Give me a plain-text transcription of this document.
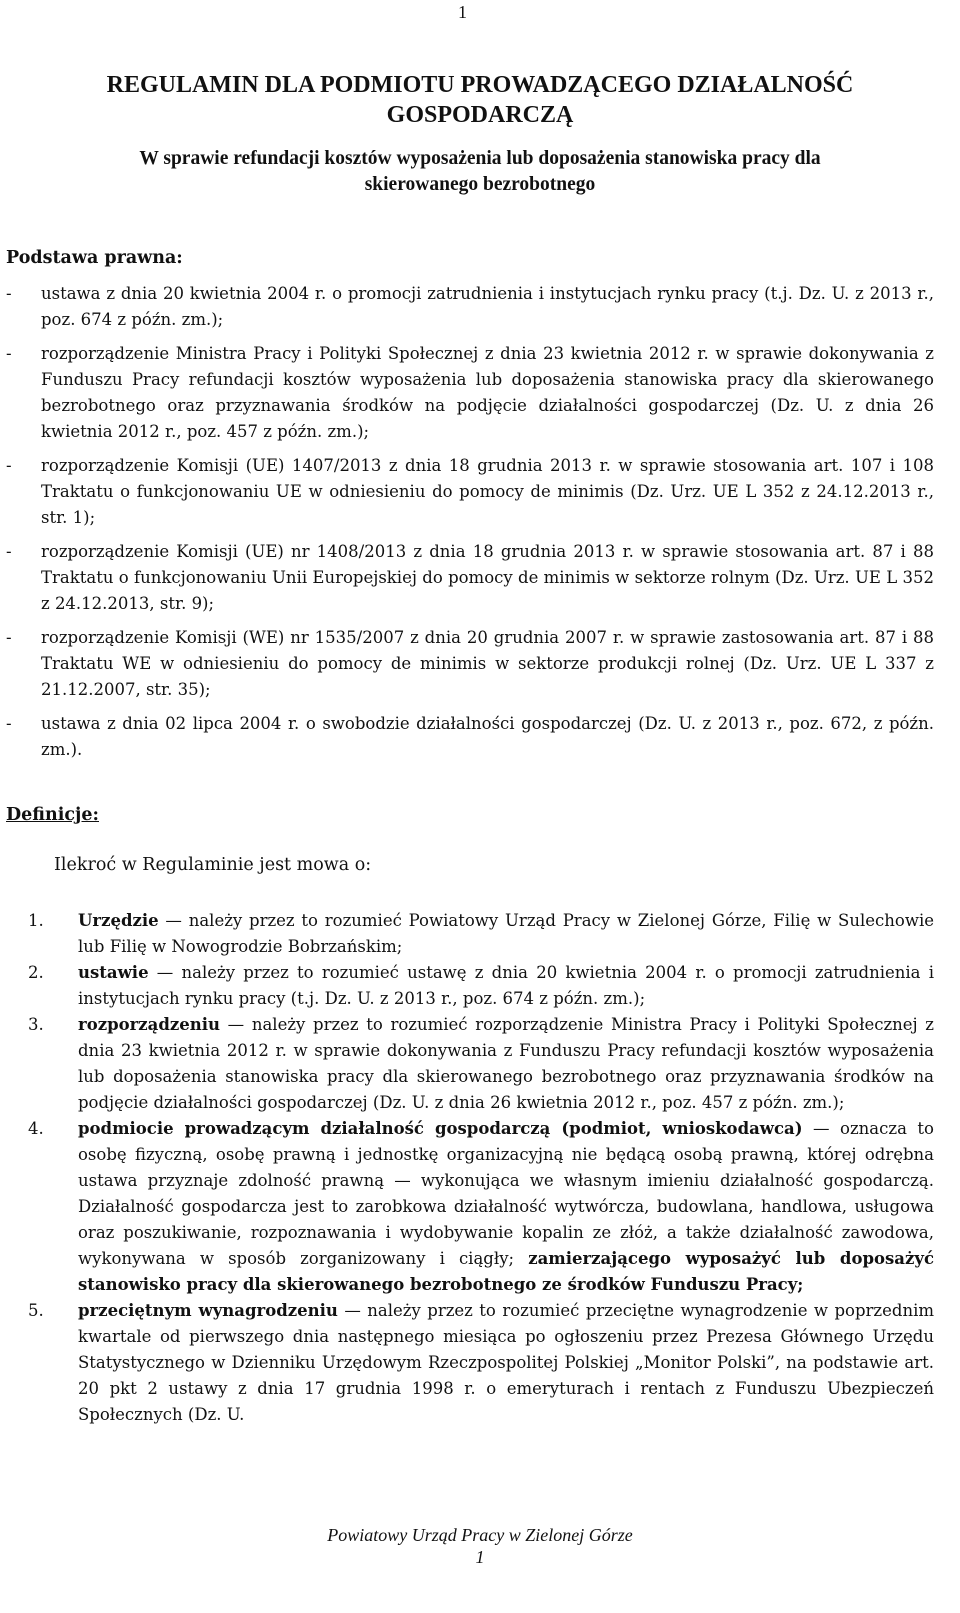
1
REGULAMIN DLA PODMIOTU PROWADZĄCEGO DZIAŁALNOŚĆ
GOSPODARCZĄ
W sprawie refundacji kosztów wyposażenia lub doposażenia stanowiska pracy dla
skierowanego bezrobotnego
Podstawa prawna:
- ustawa z dnia 20 kwietnia 2004 r. o promocji zatrudnienia i instytucjach rynku pracy (t.j. Dz. U. z 2013 r., poz. 674 z późn. zm.);
- rozporządzenie Ministra Pracy i Polityki Społecznej z dnia 23 kwietnia 2012 r. w sprawie dokonywania z Funduszu Pracy refundacji kosztów wyposażenia lub doposażenia stanowiska pracy dla skierowanego bezrobotnego oraz przyznawania środków na podjęcie działalności gospodarczej (Dz. U. z dnia 26 kwietnia 2012 r., poz. 457 z późn. zm.);
- rozporządzenie Komisji (UE) 1407/2013 z dnia 18 grudnia 2013 r. w sprawie stosowania art. 107 i 108 Traktatu o funkcjonowaniu UE w odniesieniu do pomocy de minimis (Dz. Urz. UE L 352 z 24.12.2013 r., str. 1);
- rozporządzenie Komisji (UE) nr 1408/2013 z dnia 18 grudnia 2013 r. w sprawie stosowania art. 87 i 88 Traktatu o funkcjonowaniu Unii Europejskiej do pomocy de minimis w sektorze rolnym (Dz. Urz. UE L 352 z 24.12.2013, str. 9);
- rozporządzenie Komisji (WE) nr 1535/2007 z dnia 20 grudnia 2007 r. w sprawie zastosowania art. 87 i 88 Traktatu WE w odniesieniu do pomocy de minimis w sektorze produkcji rolnej (Dz. Urz. UE L 337 z 21.12.2007, str. 35);
- ustawa z dnia 02 lipca 2004 r. o swobodzie działalności gospodarczej (Dz. U. z 2013 r., poz. 672, z późn. zm.).
Definicje:
Ilekroć w Regulaminie jest mowa o:
1. Urzędzie — należy przez to rozumieć Powiatowy Urząd Pracy w Zielonej Górze, Filię w Sulechowie lub Filię w Nowogrodzie Bobrzańskim;
2. ustawie — należy przez to rozumieć ustawę z dnia 20 kwietnia 2004 r. o promocji zatrudnienia i instytucjach rynku pracy (t.j. Dz. U. z 2013 r., poz. 674 z późn. zm.);
3. rozporządzeniu — należy przez to rozumieć rozporządzenie Ministra Pracy i Polityki Społecznej z dnia 23 kwietnia 2012 r. w sprawie dokonywania z Funduszu Pracy refundacji kosztów wyposażenia lub doposażenia stanowiska pracy dla skierowanego bezrobotnego oraz przyznawania środków na podjęcie działalności gospodarczej (Dz. U. z dnia 26 kwietnia 2012 r., poz. 457 z późn. zm.);
4. podmiocie prowadzącym działalność gospodarczą (podmiot, wnioskodawca) — oznacza to osobę fizyczną, osobę prawną i jednostkę organizacyjną nie będącą osobą prawną, której odrębna ustawa przyznaje zdolność prawną — wykonująca we własnym imieniu działalność gospodarczą. Działalność gospodarcza jest to zarobkowa działalność wytwórcza, budowlana, handlowa, usługowa oraz poszukiwanie, rozpoznawania i wydobywanie kopalin ze złóż, a także działalność zawodowa, wykonywana w sposób zorganizowany i ciągły; zamierzającego wyposażyć lub doposażyć stanowisko pracy dla skierowanego bezrobotnego ze środków Funduszu Pracy;
5. przeciętnym wynagrodzeniu — należy przez to rozumieć przeciętne wynagrodzenie w poprzednim kwartale od pierwszego dnia następnego miesiąca po ogłoszeniu przez Prezesa Głównego Urzędu Statystycznego w Dzienniku Urzędowym Rzeczpospolitej Polskiej „Monitor Polski”, na podstawie art. 20 pkt 2 ustawy z dnia 17 grudnia 1998 r. o emeryturach i rentach z Funduszu Ubezpieczeń Społecznych (Dz. U.
Powiatowy Urząd Pracy w Zielonej Górze
1
